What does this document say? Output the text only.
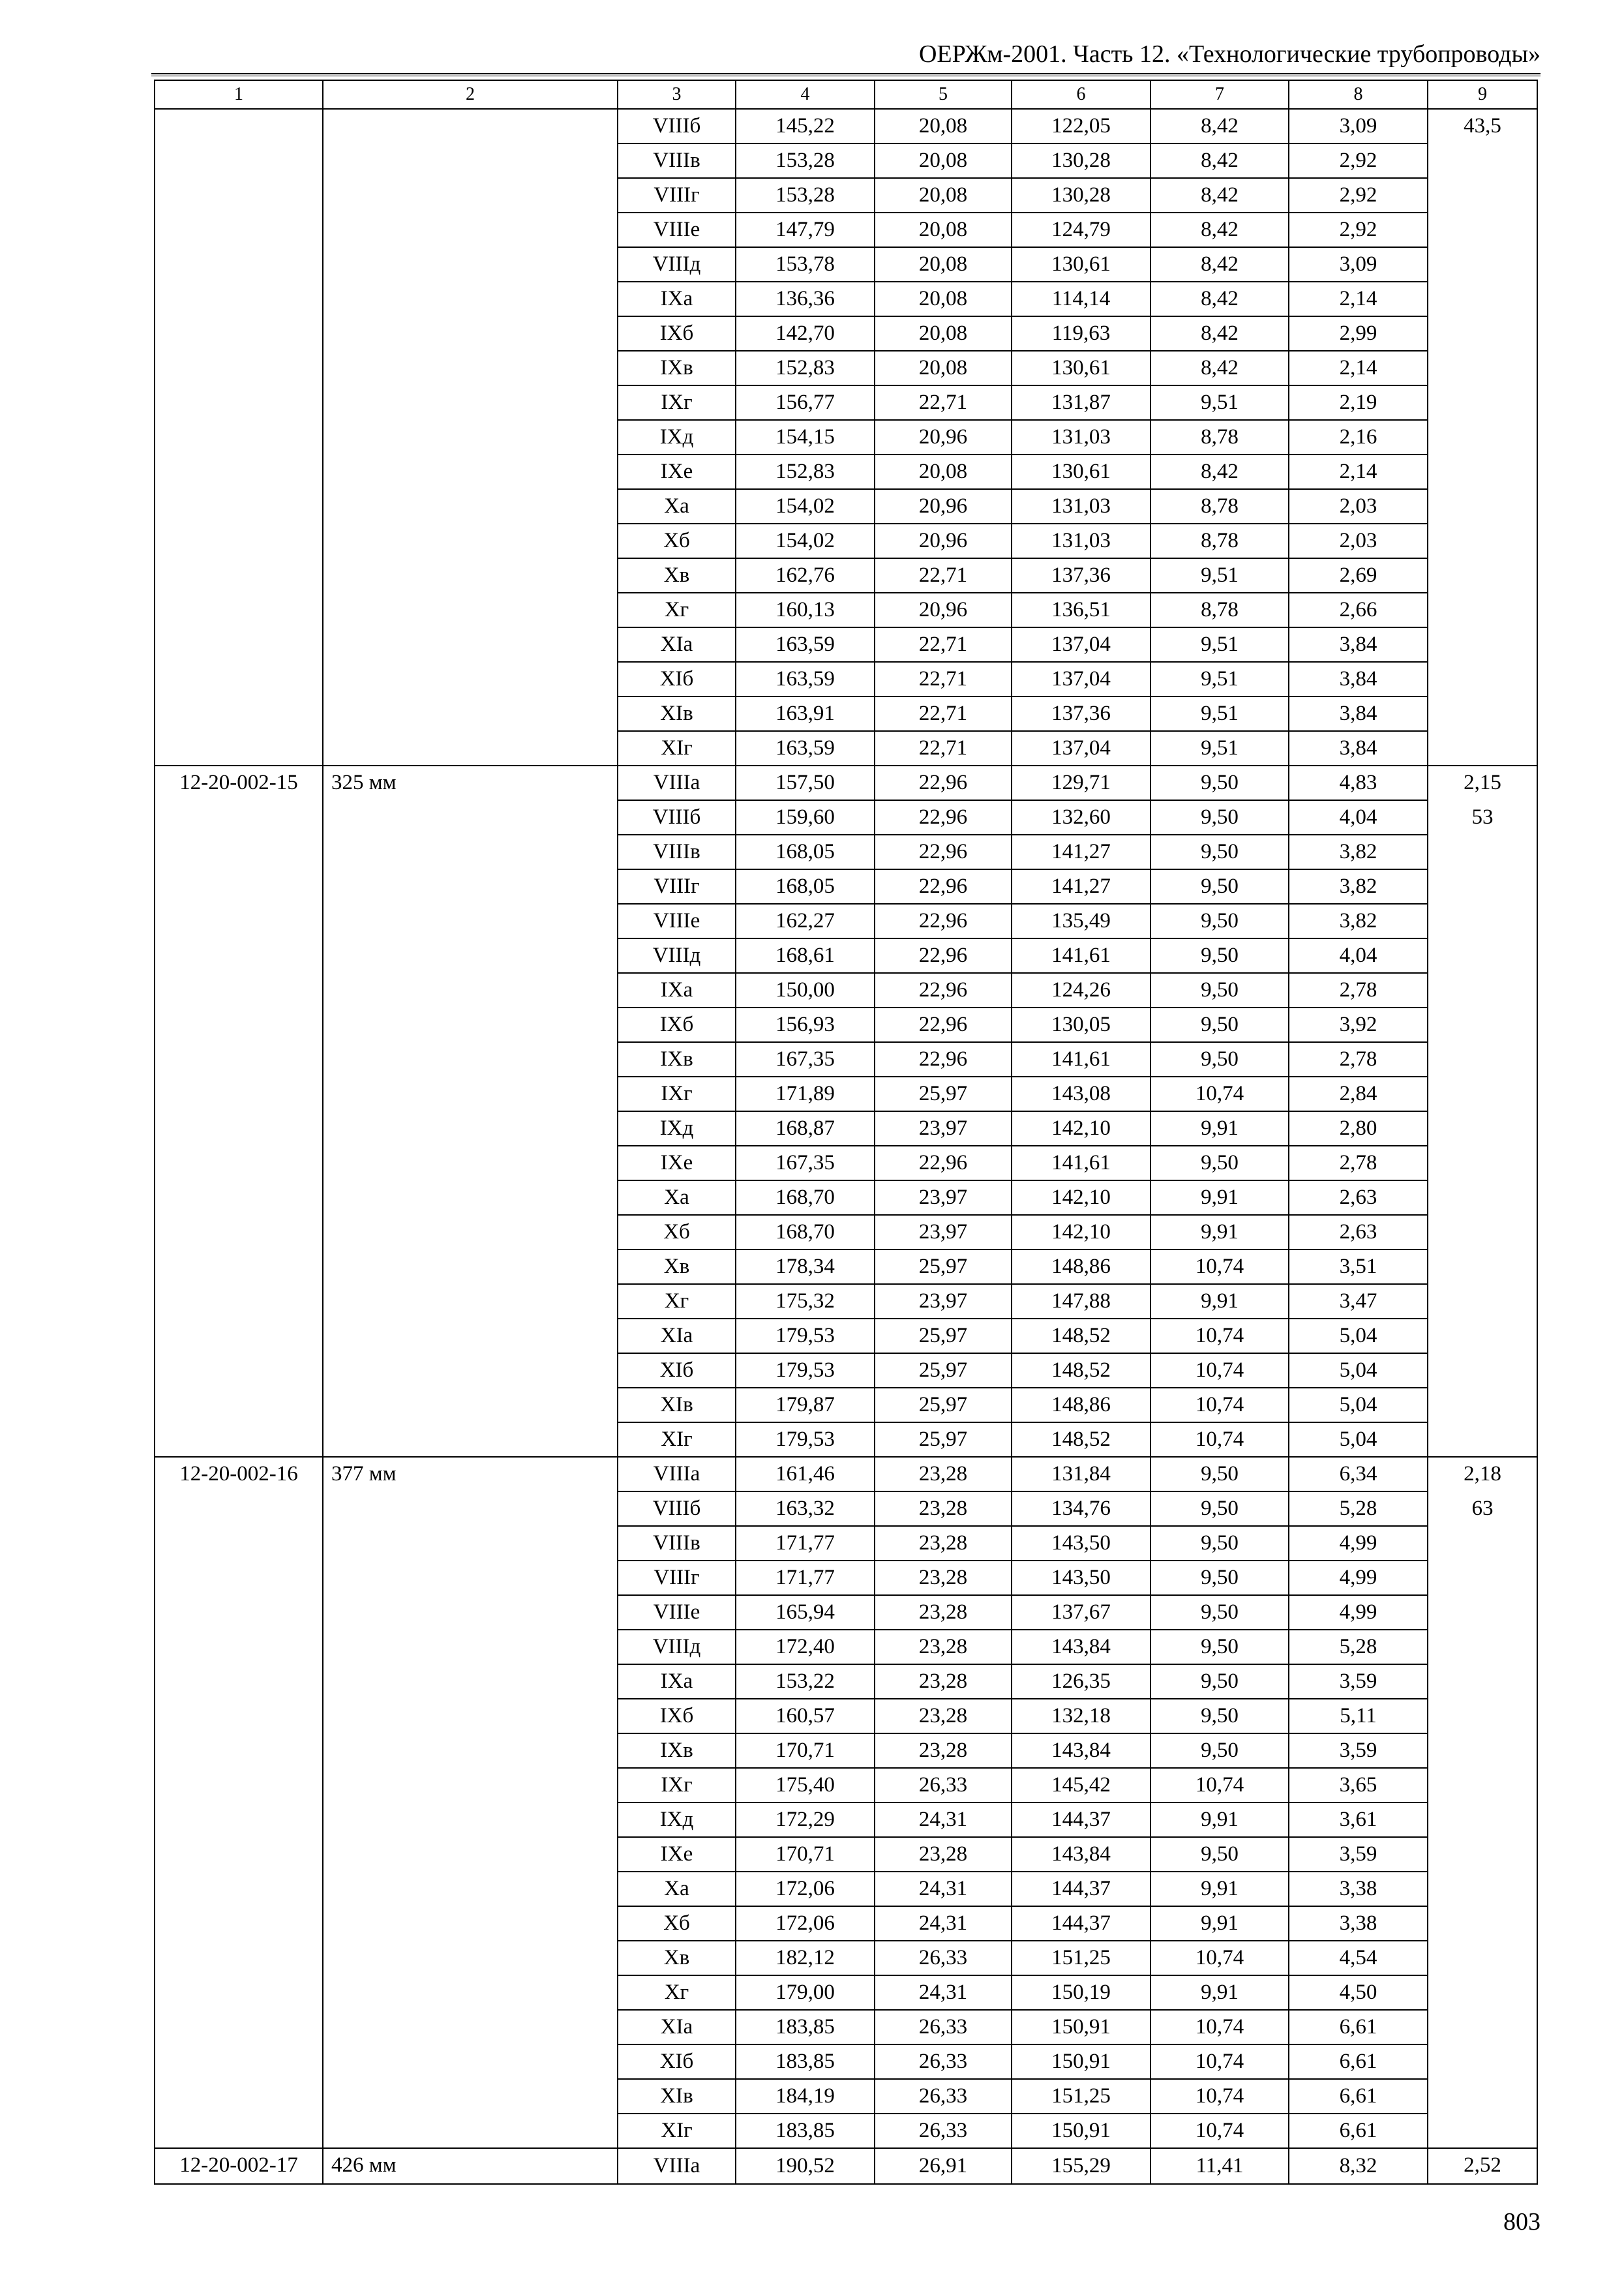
ОЕРЖм-2001. Часть 12. «Технологические трубопроводы»
1	2	3	4	5	6	7	8	9
		VIIIб	145,22	20,08	122,05	8,42	3,09	43,5

		VIIIв	153,28	20,08	130,28	8,42	2,92	
		VIIIг	153,28	20,08	130,28	8,42	2,92	
		VIIIе	147,79	20,08	124,79	8,42	2,92	
		VIIIд	153,78	20,08	130,61	8,42	3,09	
		IXа	136,36	20,08	114,14	8,42	2,14	
		IXб	142,70	20,08	119,63	8,42	2,99	
		IXв	152,83	20,08	130,61	8,42	2,14	
		IXг	156,77	22,71	131,87	9,51	2,19	
		IXд	154,15	20,96	131,03	8,78	2,16	
		IXе	152,83	20,08	130,61	8,42	2,14	
		Xа	154,02	20,96	131,03	8,78	2,03	
		Xб	154,02	20,96	131,03	8,78	2,03	
		Xв	162,76	22,71	137,36	9,51	2,69	
		Xг	160,13	20,96	136,51	8,78	2,66	
		XIа	163,59	22,71	137,04	9,51	3,84	
		XIб	163,59	22,71	137,04	9,51	3,84	
		XIв	163,91	22,71	137,36	9,51	3,84	
		XIг	163,59	22,71	137,04	9,51	3,84	
12-20-002-15	325 мм	VIIIа	157,50	22,96	129,71	9,50	4,83	2,15
53

		VIIIб	159,60	22,96	132,60	9,50	4,04	
		VIIIв	168,05	22,96	141,27	9,50	3,82	
		VIIIг	168,05	22,96	141,27	9,50	3,82	
		VIIIе	162,27	22,96	135,49	9,50	3,82	
		VIIIд	168,61	22,96	141,61	9,50	4,04	
		IXа	150,00	22,96	124,26	9,50	2,78	
		IXб	156,93	22,96	130,05	9,50	3,92	
		IXв	167,35	22,96	141,61	9,50	2,78	
		IXг	171,89	25,97	143,08	10,74	2,84	
		IXд	168,87	23,97	142,10	9,91	2,80	
		IXе	167,35	22,96	141,61	9,50	2,78	
		Xа	168,70	23,97	142,10	9,91	2,63	
		Xб	168,70	23,97	142,10	9,91	2,63	
		Xв	178,34	25,97	148,86	10,74	3,51	
		Xг	175,32	23,97	147,88	9,91	3,47	
		XIа	179,53	25,97	148,52	10,74	5,04	
		XIб	179,53	25,97	148,52	10,74	5,04	
		XIв	179,87	25,97	148,86	10,74	5,04	
		XIг	179,53	25,97	148,52	10,74	5,04	
12-20-002-16	377 мм	VIIIа	161,46	23,28	131,84	9,50	6,34	2,18
63

		VIIIб	163,32	23,28	134,76	9,50	5,28	
		VIIIв	171,77	23,28	143,50	9,50	4,99	
		VIIIг	171,77	23,28	143,50	9,50	4,99	
		VIIIе	165,94	23,28	137,67	9,50	4,99	
		VIIIд	172,40	23,28	143,84	9,50	5,28	
		IXа	153,22	23,28	126,35	9,50	3,59	
		IXб	160,57	23,28	132,18	9,50	5,11	
		IXв	170,71	23,28	143,84	9,50	3,59	
		IXг	175,40	26,33	145,42	10,74	3,65	
		IXд	172,29	24,31	144,37	9,91	3,61	
		IXе	170,71	23,28	143,84	9,50	3,59	
		Xа	172,06	24,31	144,37	9,91	3,38	
		Xб	172,06	24,31	144,37	9,91	3,38	
		Xв	182,12	26,33	151,25	10,74	4,54	
		Xг	179,00	24,31	150,19	9,91	4,50	
		XIа	183,85	26,33	150,91	10,74	6,61	
		XIб	183,85	26,33	150,91	10,74	6,61	
		XIв	184,19	26,33	151,25	10,74	6,61	
		XIг	183,85	26,33	150,91	10,74	6,61	
12-20-002-17	426 мм	VIIIа	190,52	26,91	155,29	11,41	8,32	2,52
803
